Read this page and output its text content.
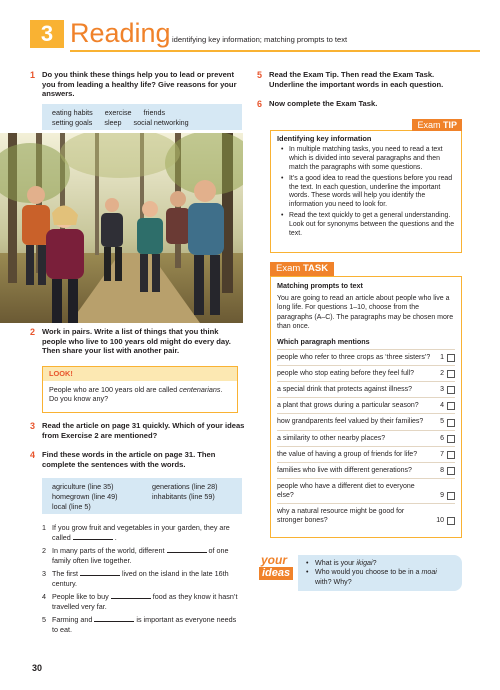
3 Reading identifying key information; matching prompts to text
1 Do you think these things help you to lead or prevent you from leading a healthy life? Give reasons for your answers.
eating habits exercise friends
setting goals sleep social networking
2 Work in pairs. Write a list of things that you think people who live to 100 years old might do every day. Then share your list with another pair.
LOOK!
People who are 100 years old are called centenarians. Do you know any?
3 Read the article on page 31 quickly. Which of your ideas from Exercise 2 are mentioned?
4 Find these words in the article on page 31. Then complete the sentences with the words.
agriculture (line 35)
homegrown (line 49)
local (line 5)
generations (line 28)
inhabitants (line 59)
1 If you grow fruit and vegetables in your garden, they are called	.
2 In many parts of the world, different	of one family often live together.
3 The first	lived on the island in the late 16th century.
4 People like to buy	food as they know it hasn’t travelled very far.
5 Farming and	is important as everyone needs to eat.
5 Read the Exam Tip. Then read the Exam Task. Underline the important words in each question.
6 Now complete the Exam Task.
Exam TIP
Identifying key information
• In multiple matching tasks, you need to read a text which is divided into several paragraphs and then match the paragraphs with some questions.
• It’s a good idea to read the questions before you read the text. In each question, underline the important words. These words will help you identify the information you need to look for.
• Read the text quickly to get a general understanding. Look out for synonyms between the questions and the text.
Exam TASK
Matching prompts to text
You are going to read an article about people who live a long life. For questions 1–10, choose from the paragraphs (A–C). The paragraphs may be chosen more than once.
Which paragraph mentions
people who refer to three crops as ‘three sisters’? 1
people who stop eating before they feel full?	2
a special drink that protects against illness?	3
a plant that grows during a particular season?	4
how grandparents feel valued by their families? 5
a similarity to other nearby places?	6
the value of having a group of friends for life?	7
families who live with different generations?	8
people who have a different diet to everyone else?	9
why a natural resource might be good for stronger bones?	10
your
ideas
• What is your ikigai?
• Who would you choose to be in a moai with? Why?
30
